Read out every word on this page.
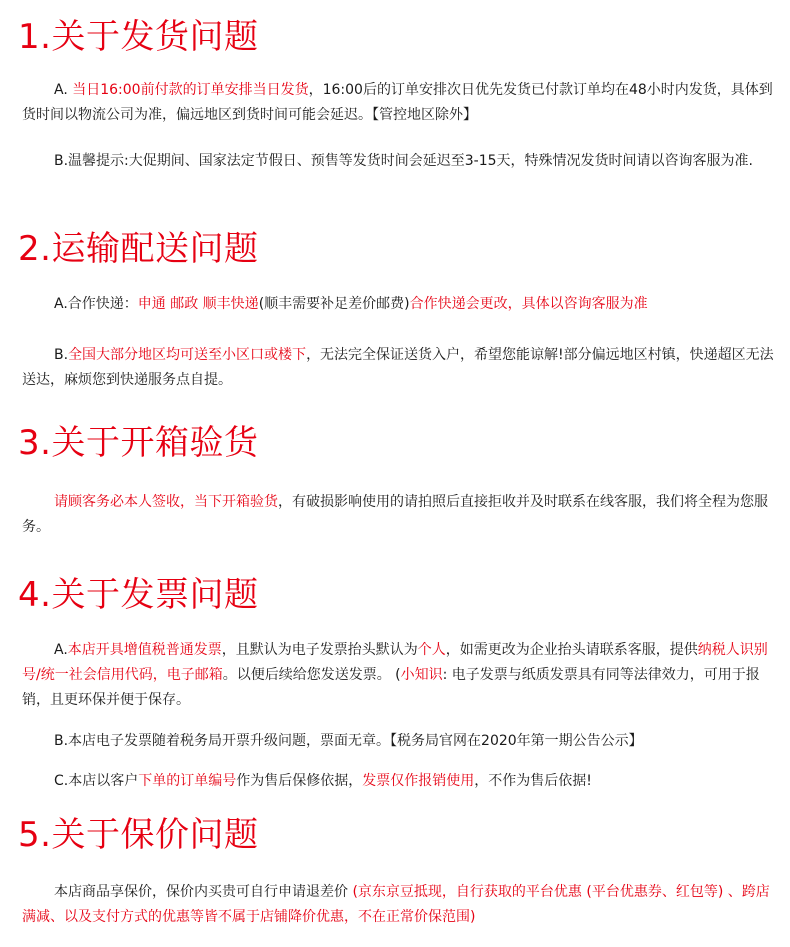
1.关于发货问题
A. 当日16:00前付款的订单安排当日发货，16:00后的订单安排次日优先发货已付款订单均在48小时内发货，具体到货时间以物流公司为准，偏远地区到货时间可能会延迟。【管控地区除外】
B.温馨提示:大促期间、国家法定节假日、预售等发货时间会延迟至3-15天，特殊情况发货时间请以咨询客服为准.
2.运输配送问题
A.合作快递：申通 邮政 顺丰快递(顺丰需要补足差价邮费)合作快递会更改，具体以咨询客服为准
B.全国大部分地区均可送至小区口或楼下，无法完全保证送货入户，希望您能谅解!部分偏远地区村镇，快递超区无法送达，麻烦您到快递服务点自提。
3.关于开箱验货
请顾客务必本人签收，当下开箱验货，有破损影响使用的请拍照后直接拒收并及时联系在线客服，我们将全程为您服务。
4.关于发票问题
A.本店开具增值税普通发票，且默认为电子发票抬头默认为个人，如需更改为企业抬头请联系客服，提供纳税人识别号/统一社会信用代码，电子邮箱。以便后续给您发送发票。 (小知识: 电子发票与纸质发票具有同等法律效力，可用于报销，且更环保并便于保存。
B.本店电子发票随着税务局开票升级问题，票面无章。【税务局官网在2020年第一期公告公示】
C.本店以客户下单的订单编号作为售后保修依据，发票仅作报销使用，不作为售后依据!
5.关于保价问题
本店商品享保价，保价内买贵可自行申请退差价 (京东京豆抵现，自行获取的平台优惠 (平台优惠券、红包等) 、跨店满减、以及支付方式的优惠等皆不属于店铺降价优惠，不在正常价保范围)
